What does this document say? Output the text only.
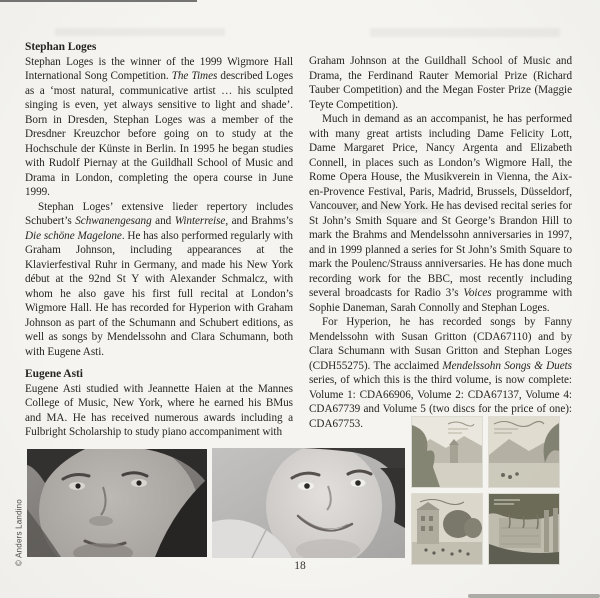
Stephan Loges

Stephan Loges is the winner of the 1999 Wigmore Hall International Song Competition. The Times described Loges as a ‘most natural, communicative artist … his sculpted singing is even, yet always sensitive to light and shade’. Born in Dresden, Stephan Loges was a member of the Dresdner Kreuzchor before going on to study at the Hochschule der Künste in Berlin. In 1995 he began studies with Rudolf Piernay at the Guildhall School of Music and Drama in London, completing the opera course in June 1999.

Stephan Loges’ extensive lieder repertory includes Schubert’s Schwanengesang and Winterreise, and Brahms’s Die schöne Magelone. He has also performed regularly with Graham Johnson, including appearances at the Klavierfestival Ruhr in Germany, and made his New York début at the 92nd St Y with Alexander Schmalcz, with whom he also gave his first full recital at London’s Wigmore Hall. He has recorded for Hyperion with Graham Johnson as part of the Schumann and Schubert editions, as well as songs by Mendelssohn and Clara Schumann, both with Eugene Asti.

Eugene Asti

Eugene Asti studied with Jeannette Haien at the Mannes College of Music, New York, where he earned his BMus and MA. He has received numerous awards including a Fulbright Scholarship to study piano accompaniment with

Graham Johnson at the Guildhall School of Music and Drama, the Ferdinand Rauter Memorial Prize (Richard Tauber Competition) and the Megan Foster Prize (Maggie Teyte Competition).

Much in demand as an accompanist, he has performed with many great artists including Dame Felicity Lott, Dame Margaret Price, Nancy Argenta and Elizabeth Connell, in places such as London’s Wigmore Hall, the Rome Opera House, the Musikverein in Vienna, the Aix-en-Provence Festival, Paris, Madrid, Brussels, Düsseldorf, Vancouver, and New York. He has devised recital series for St John’s Smith Square and St George’s Brandon Hill to mark the Brahms and Mendelssohn anniversaries in 1997, and in 1999 planned a series for St John’s Smith Square to mark the Poulenc/Strauss anniversaries. He has done much recording work for the BBC, most recently including several broadcasts for Radio 3’s Voices programme with Sophie Daneman, Sarah Connolly and Stephan Loges.

For Hyperion, he has recorded songs by Fanny Mendelssohn with Susan Gritton (CDA67110) and by Clara Schumann with Susan Gritton and Stephan Loges (CDH55275). The acclaimed Mendelssohn Songs & Duets series, of which this is the third volume, is now complete: Volume 1: CDA66906, Volume 2: CDA67137, Volume 4: CDA67739 and Volume 5 (two discs for the price of one): CDA67753.

© Anders Landino
18
